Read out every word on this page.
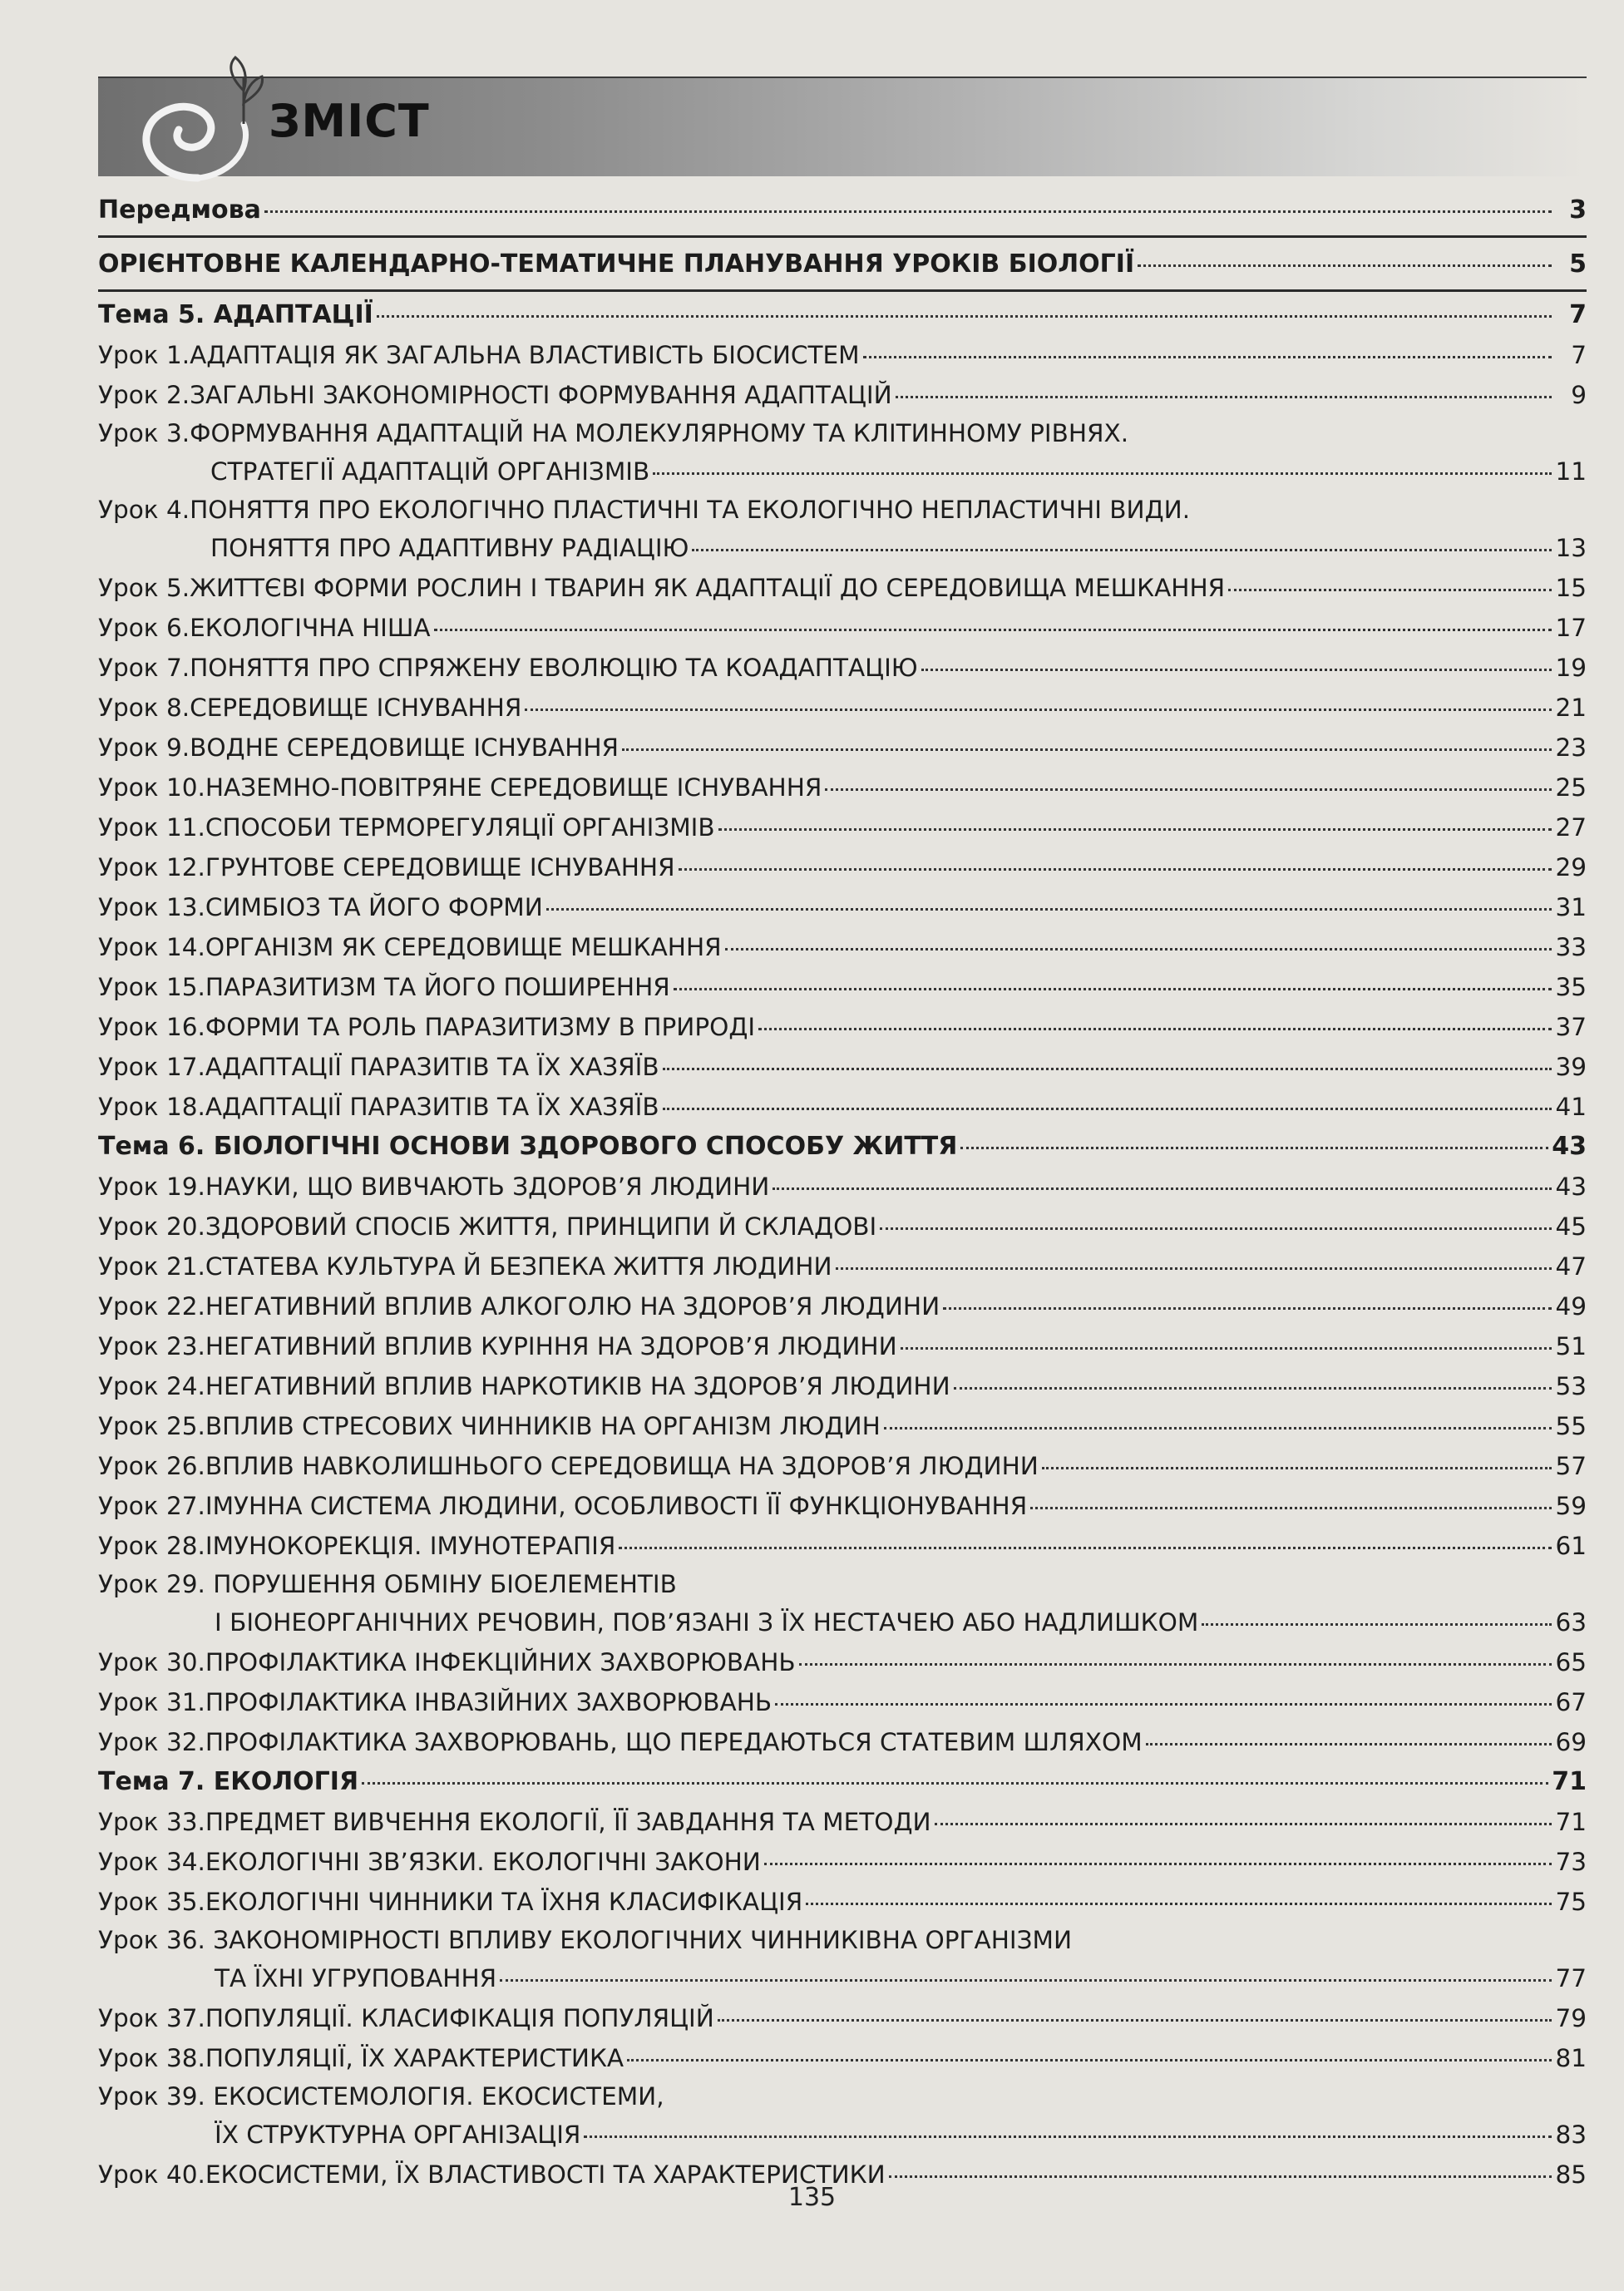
ЗМІСТ
Передмова	3
ОРІЄНТОВНЕ КАЛЕНДАРНО-ТЕМАТИЧНЕ ПЛАНУВАННЯ УРОКІВ БІОЛОГІЇ	5
Тема 5. АДАПТАЦІЇ	7
Урок 1. АДАПТАЦІЯ ЯК ЗАГАЛЬНА ВЛАСТИВІСТЬ БІОСИСТЕМ	7
Урок 2. ЗАГАЛЬНІ ЗАКОНОМІРНОСТІ ФОРМУВАННЯ АДАПТАЦІЙ	9
Урок 3.ФОРМУВАННЯ АДАПТАЦІЙ НА МОЛЕКУЛЯРНОМУ ТА КЛІТИННОМУ РІВНЯХ.
СТРАТЕГІЇ АДАПТАЦІЙ ОРГАНІЗМІВ	11
Урок 4.ПОНЯТТЯ ПРО ЕКОЛОГІЧНО ПЛАСТИЧНІ ТА ЕКОЛОГІЧНО НЕПЛАСТИЧНІ ВИДИ.
ПОНЯТТЯ ПРО АДАПТИВНУ РАДІАЦІЮ	13
Урок 5. ЖИТТЄВІ ФОРМИ РОСЛИН І ТВАРИН ЯК АДАПТАЦІЇ ДО СЕРЕДОВИЩА МЕШКАННЯ	15
Урок 6. ЕКОЛОГІЧНА НІША	17
Урок 7. ПОНЯТТЯ ПРО СПРЯЖЕНУ ЕВОЛЮЦІЮ ТА КОАДАПТАЦІЮ	19
Урок 8. СЕРЕДОВИЩЕ ІСНУВАННЯ	21
Урок 9. ВОДНЕ СЕРЕДОВИЩЕ ІСНУВАННЯ	23
Урок 10. НАЗЕМНО-ПОВІТРЯНЕ СЕРЕДОВИЩЕ ІСНУВАННЯ	25
Урок 11. СПОСОБИ ТЕРМОРЕГУЛЯЦІЇ ОРГАНІЗМІВ	27
Урок 12. ГРУНТОВЕ СЕРЕДОВИЩЕ ІСНУВАННЯ	29
Урок 13. СИМБІОЗ ТА ЙОГО ФОРМИ	31
Урок 14. ОРГАНІЗМ ЯК СЕРЕДОВИЩЕ МЕШКАННЯ	33
Урок 15. ПАРАЗИТИЗМ ТА ЙОГО ПОШИРЕННЯ	35
Урок 16. ФОРМИ ТА РОЛЬ ПАРАЗИТИЗМУ В ПРИРОДІ	37
Урок 17. АДАПТАЦІЇ ПАРАЗИТІВ ТА ЇХ ХАЗЯЇВ	39
Урок 18. АДАПТАЦІЇ ПАРАЗИТІВ ТА ЇХ ХАЗЯЇВ	41
Тема 6. БІОЛОГІЧНІ ОСНОВИ ЗДОРОВОГО СПОСОБУ ЖИТТЯ	43
Урок 19. НАУКИ, ЩО ВИВЧАЮТЬ ЗДОРОВ’Я ЛЮДИНИ	43
Урок 20. ЗДОРОВИЙ СПОСІБ ЖИТТЯ, ПРИНЦИПИ Й СКЛАДОВІ	45
Урок 21. СТАТЕВА КУЛЬТУРА Й БЕЗПЕКА ЖИТТЯ ЛЮДИНИ	47
Урок 22. НЕГАТИВНИЙ ВПЛИВ АЛКОГОЛЮ НА ЗДОРОВ’Я ЛЮДИНИ	49
Урок 23. НЕГАТИВНИЙ ВПЛИВ КУРІННЯ НА ЗДОРОВ’Я ЛЮДИНИ	51
Урок 24. НЕГАТИВНИЙ ВПЛИВ НАРКОТИКІВ НА ЗДОРОВ’Я ЛЮДИНИ	53
Урок 25. ВПЛИВ СТРЕСОВИХ ЧИННИКІВ НА ОРГАНІЗМ ЛЮДИН	55
Урок 26. ВПЛИВ НАВКОЛИШНЬОГО СЕРЕДОВИЩА НА ЗДОРОВ’Я ЛЮДИНИ	57
Урок 27. ІМУННА СИСТЕМА ЛЮДИНИ, ОСОБЛИВОСТІ ЇЇ ФУНКЦІОНУВАННЯ	59
Урок 28. ІМУНОКОРЕКЦІЯ. ІМУНОТЕРАПІЯ	61
Урок 29. ПОРУШЕННЯ ОБМІНУ БІОЕЛЕМЕНТІВ
І БІОНЕОРГАНІЧНИХ РЕЧОВИН, ПОВ’ЯЗАНІ З ЇХ НЕСТАЧЕЮ АБО НАДЛИШКОМ	63
Урок 30. ПРОФІЛАКТИКА ІНФЕКЦІЙНИХ ЗАХВОРЮВАНЬ	65
Урок 31. ПРОФІЛАКТИКА ІНВАЗІЙНИХ ЗАХВОРЮВАНЬ	67
Урок 32. ПРОФІЛАКТИКА ЗАХВОРЮВАНЬ, ЩО ПЕРЕДАЮТЬСЯ СТАТЕВИМ ШЛЯХОМ	69
Тема 7. ЕКОЛОГІЯ	71
Урок 33. ПРЕДМЕТ ВИВЧЕННЯ ЕКОЛОГІЇ, ЇЇ ЗАВДАННЯ ТА МЕТОДИ	71
Урок 34. ЕКОЛОГІЧНІ ЗВ’ЯЗКИ. ЕКОЛОГІЧНІ ЗАКОНИ	73
Урок 35. ЕКОЛОГІЧНІ ЧИННИКИ ТА ЇХНЯ КЛАСИФІКАЦІЯ	75
Урок 36. ЗАКОНОМІРНОСТІ ВПЛИВУ ЕКОЛОГІЧНИХ ЧИННИКІВНА ОРГАНІЗМИ
ТА ЇХНІ УГРУПОВАННЯ	77
Урок 37. ПОПУЛЯЦІЇ. КЛАСИФІКАЦІЯ ПОПУЛЯЦІЙ	79
Урок 38. ПОПУЛЯЦІЇ, ЇХ ХАРАКТЕРИСТИКА	81
Урок 39. ЕКОСИСТЕМОЛОГІЯ. ЕКОСИСТЕМИ,
ЇХ СТРУКТУРНА ОРГАНІЗАЦІЯ	83
Урок 40. ЕКОСИСТЕМИ, ЇХ ВЛАСТИВОСТІ ТА ХАРАКТЕРИСТИКИ	85
135
